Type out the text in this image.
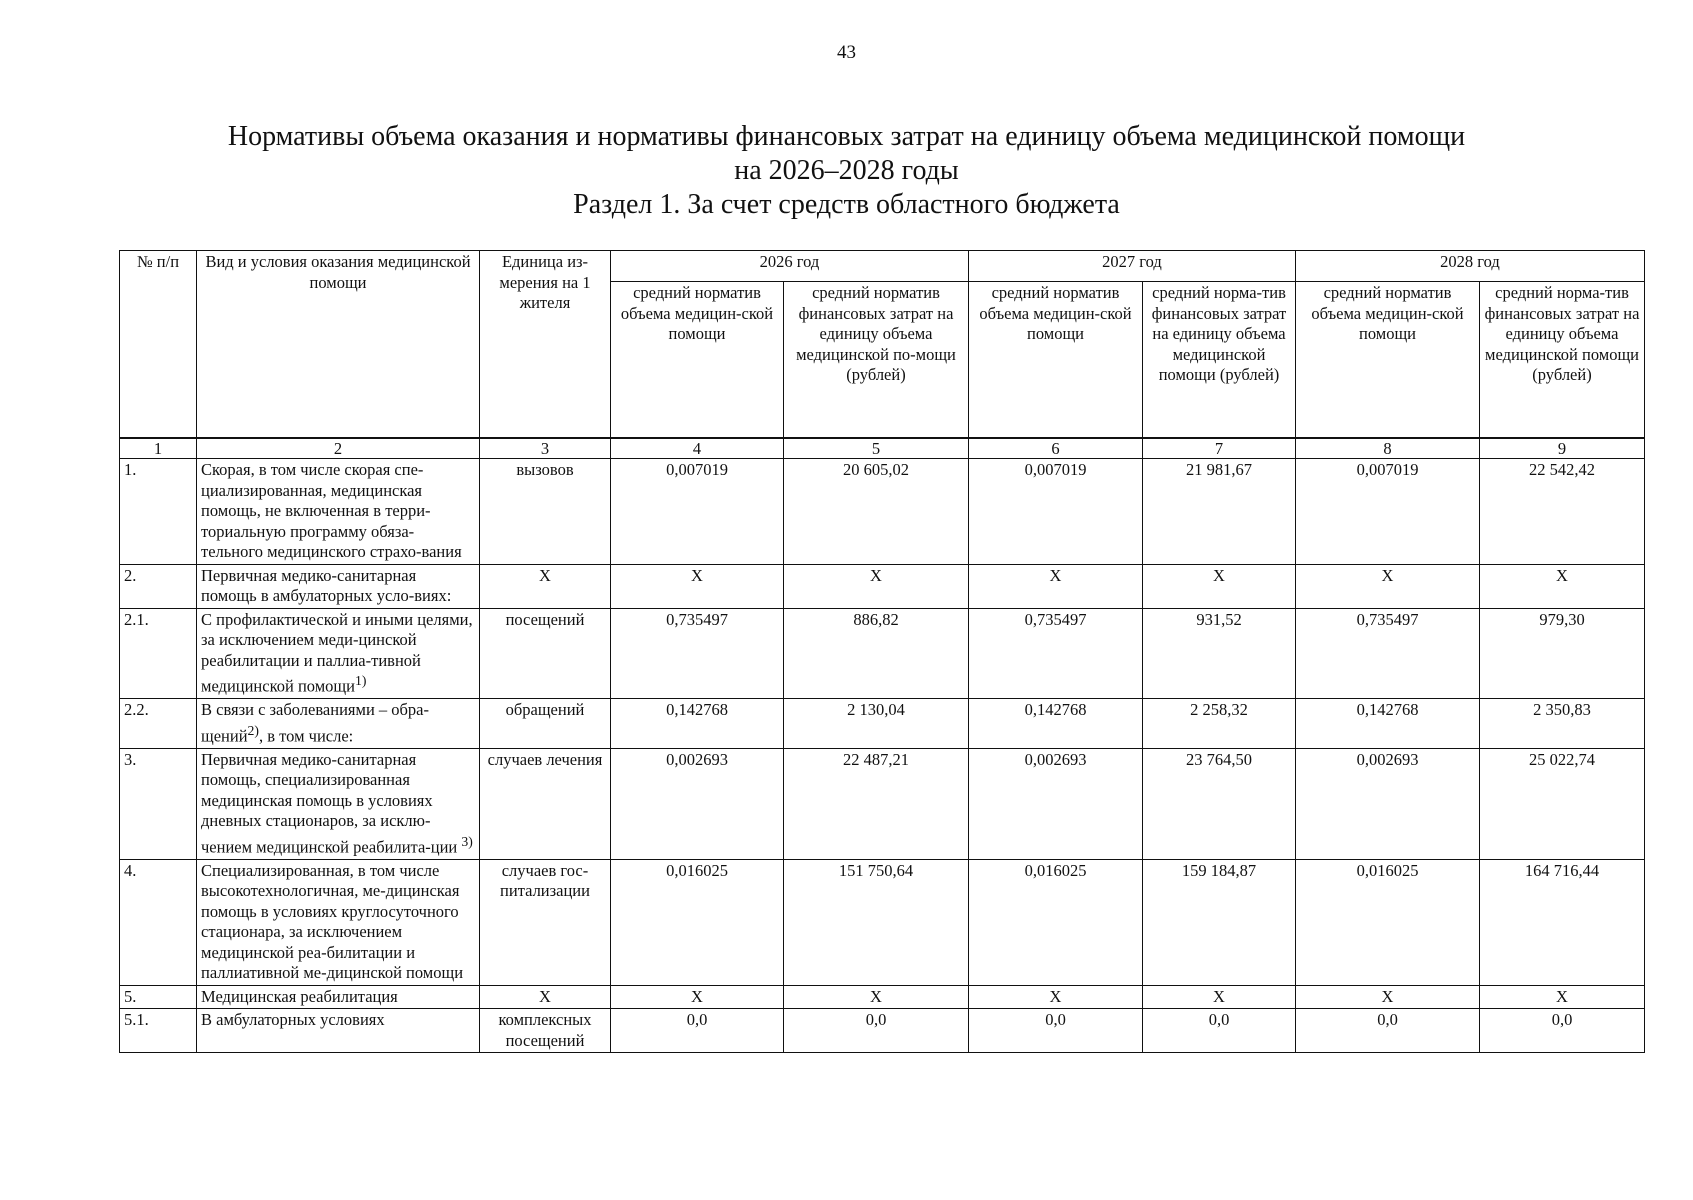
43
Нормативы объема оказания и нормативы финансовых затрат на единицу объема медицинской помощи
на 2026–2028 годы
Раздел 1. За счет средств областного бюджета
№ п/п	Вид и условия оказания медицинской помощи	Единица из-мерения на 1 жителя	2026 год		2027 год		2028 год	
			средний норматив объема медицин-ской помощи	средний норматив финансовых затрат на единицу объема медицинской по-мощи (рублей)	средний норматив объема медицин-ской помощи	средний норма-тив финансовых затрат на единицу объема медицинской помощи (рублей)	средний норматив объема медицин-ской помощи	средний норма-тив финансовых затрат на единицу объема медицинской помощи (рублей)
1	2	3	4	5	6	7	8	9
1.	Скорая, в том числе скорая спе-циализированная, медицинская помощь, не включенная в терри-ториальную программу обяза-тельного медицинского страхо-вания	вызовов	0,007019	20 605,02	0,007019	21 981,67	0,007019	22 542,42
2.	Первичная медико-санитарная помощь в амбулаторных усло-виях:	Х	Х	Х	Х	Х	Х	Х
2.1.	С профилактической и иными целями, за исключением меди-цинской реабилитации и паллиа-тивной медицинской помощи$^{1)}$	посещений	0,735497	886,82	0,735497	931,52	0,735497	979,30
2.2.	В связи с заболеваниями – обра-щений$^{2)}$, в том числе:	обращений	0,142768	2 130,04	0,142768	2 258,32	0,142768	2 350,83
3.	Первичная медико-санитарная помощь, специализированная медицинская помощь в условиях дневных стационаров, за исклю-чением медицинской реабилита-ции $^{3)}$	случаев лечения	0,002693	22 487,21	0,002693	23 764,50	0,002693	25 022,74
4.	Специализированная, в том числе высокотехнологичная, ме-дицинская помощь в условиях круглосуточного стационара, за исключением медицинской реа-билитации и паллиативной ме-дицинской помощи	случаев гос-питализации	0,016025	151 750,64	0,016025	159 184,87	0,016025	164 716,44
5.	Медицинская реабилитация	Х	Х	Х	Х	Х	Х	Х
5.1.	В амбулаторных условиях	комплексных посещений	0,0	0,0	0,0	0,0	0,0	0,0
